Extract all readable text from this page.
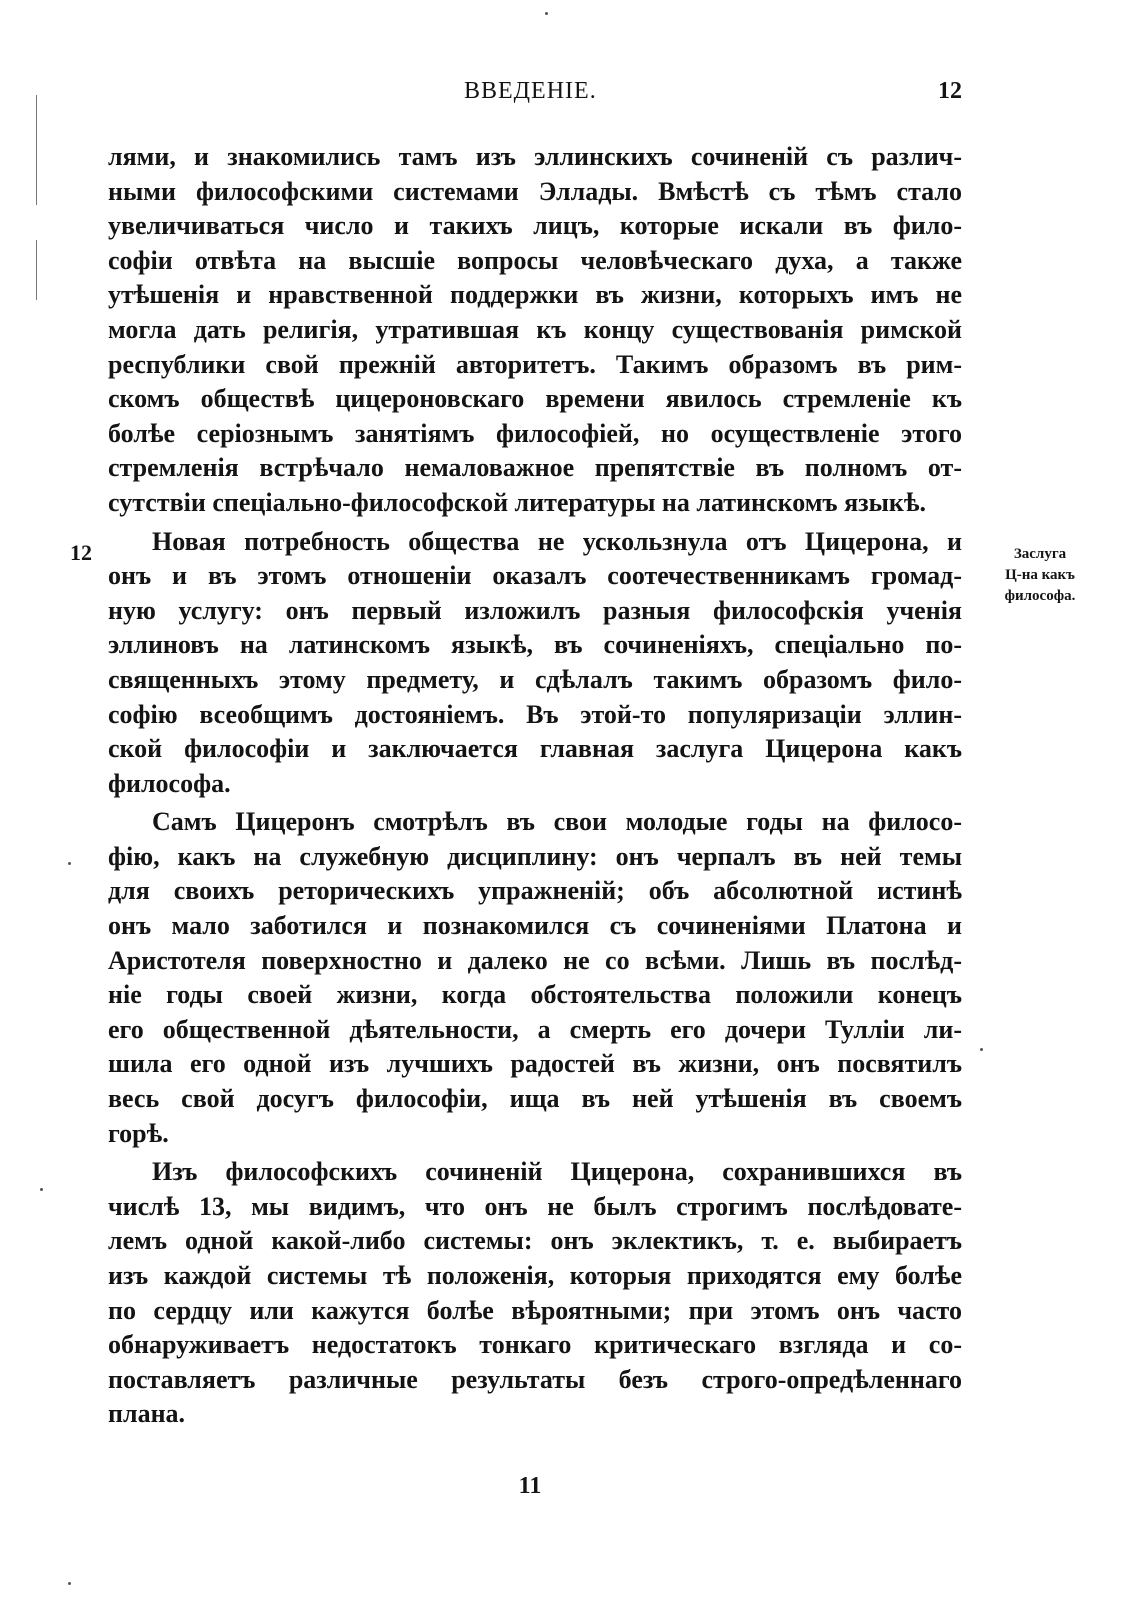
ВВЕДЕНІЕ.	12
12	Заслуга
Ц-на какъ
философа.

лями, и знакомились тамъ изъ эллинскихъ сочиненій съ различ-
ными философскими системами Эллады. Вмѣстѣ съ тѣмъ стало
увеличиваться число и такихъ лицъ, которые искали въ фило-
софіи отвѣта на высшіе вопросы человѣческаго духа, а также
утѣшенія и нравственной поддержки въ жизни, которыхъ имъ не
могла дать религія, утратившая къ концу существованія римской
республики свой прежній авторитетъ. Такимъ образомъ въ рим-
скомъ обществѣ цицероновскаго времени явилось стремленіе къ
болѣе серіознымъ занятіямъ философіей, но осуществленіе этого
стремленія встрѣчало немаловажное препятствіе въ полномъ от-
сутствіи спеціально-философской литературы на латинскомъ языкѣ.

Новая потребность общества не ускользнула отъ Цицерона, и
онъ и въ этомъ отношеніи оказалъ соотечественникамъ громад-
ную услугу: онъ первый изложилъ разныя философскія ученія
эллиновъ на латинскомъ языкѣ, въ сочиненіяхъ, спеціально по-
священныхъ этому предмету, и сдѣлалъ такимъ образомъ фило-
софію всеобщимъ достояніемъ. Въ этой-то популяризаціи эллин-
ской философіи и заключается главная заслуга Цицерона какъ
философа.

Самъ Цицеронъ смотрѣлъ въ свои молодые годы на филосо-
фію, какъ на служебную дисциплину: онъ черпалъ въ ней темы
для своихъ реторическихъ упражненій; объ абсолютной истинѣ
онъ мало заботился и познакомился съ сочиненіями Платона и
Аристотеля поверхностно и далеко не со всѣми. Лишь въ послѣд-
ніе годы своей жизни, когда обстоятельства положили конецъ
его общественной дѣятельности, а смерть его дочери Тулліи ли-
шила его одной изъ лучшихъ радостей въ жизни, онъ посвятилъ
весь свой досугъ философіи, ища въ ней утѣшенія въ своемъ
горѣ.

Изъ философскихъ сочиненій Цицерона, сохранившихся въ
числѣ 13, мы видимъ, что онъ не былъ строгимъ послѣдовате-
лемъ одной какой-либо системы: онъ эклектикъ, т. е. выбираетъ
изъ каждой системы тѣ положенія, которыя приходятся ему болѣе
по сердцу или кажутся болѣе вѣроятными; при этомъ онъ часто
обнаруживаетъ недостатокъ тонкаго критическаго взгляда и со-
поставляетъ различные результаты безъ строго-опредѣленнаго
плана.

11
